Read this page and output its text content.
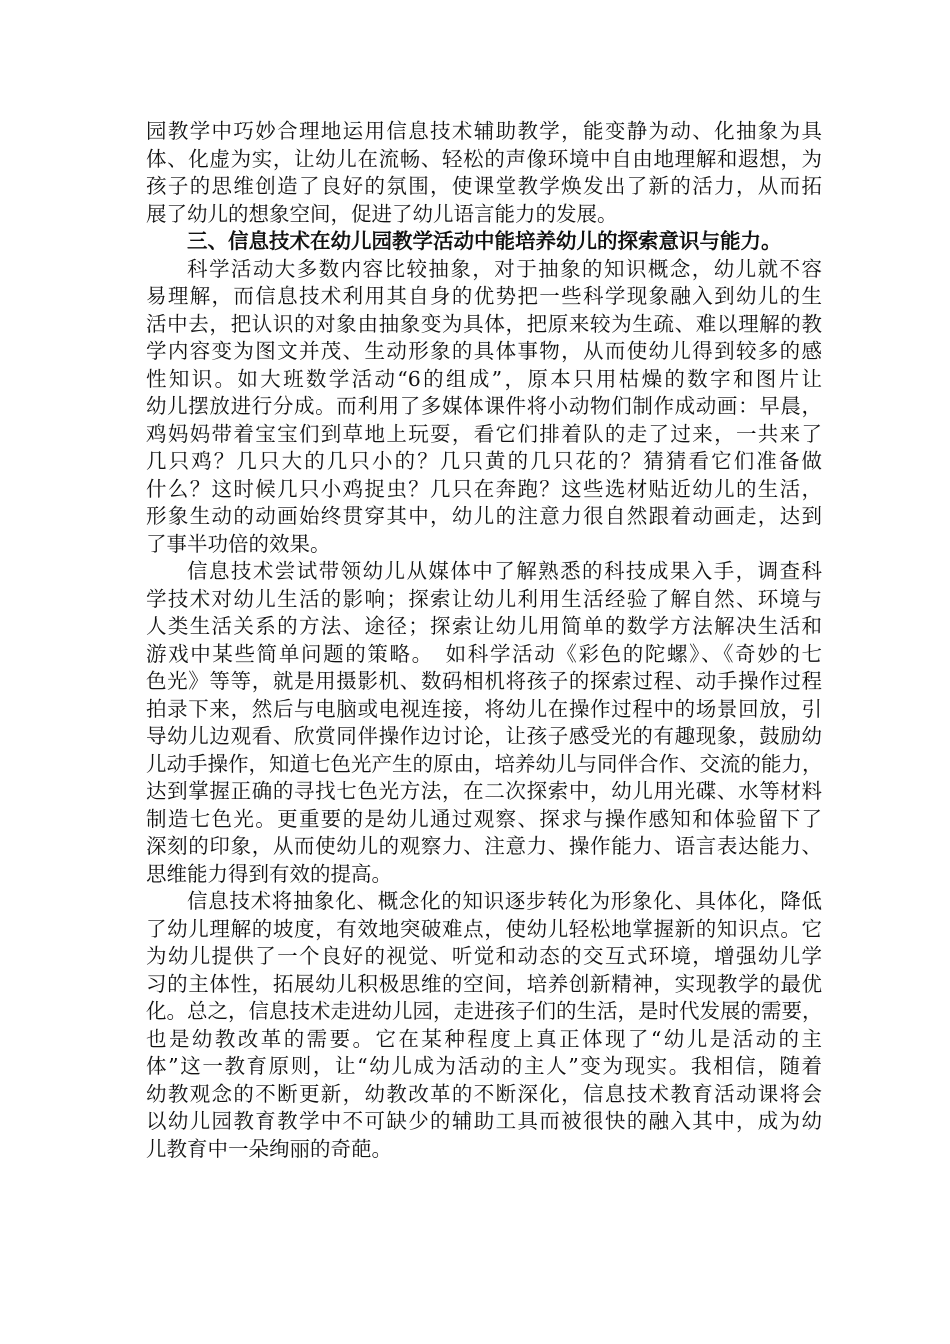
园教学中巧妙合理地运用信息技术辅助教学，能变静为动、化抽象为具
体、化虚为实，让幼儿在流畅、轻松的声像环境中自由地理解和遐想，为
孩子的思维创造了良好的氛围，使课堂教学焕发出了新的活力，从而拓
展了幼儿的想象空间，促进了幼儿语言能力的发展。
三、信息技术在幼儿园教学活动中能培养幼儿的探索意识与能力。
科学活动大多数内容比较抽象，对于抽象的知识概念，幼儿就不容
易理解，而信息技术利用其自身的优势把一些科学现象融入到幼儿的生
活中去，把认识的对象由抽象变为具体，把原来较为生疏、难以理解的教
学内容变为图文并茂、生动形象的具体事物，从而使幼儿得到较多的感
性知识。如大班数学活动“6的组成”，原本只用枯燥的数字和图片让
幼儿摆放进行分成。而利用了多媒体课件将小动物们制作成动画：早晨，
鸡妈妈带着宝宝们到草地上玩耍，看它们排着队的走了过来，一共来了
几只鸡？几只大的几只小的？几只黄的几只花的？猜猜看它们准备做
什么？这时候几只小鸡捉虫？几只在奔跑？这些选材贴近幼儿的生活，
形象生动的动画始终贯穿其中，幼儿的注意力很自然跟着动画走，达到
了事半功倍的效果。
信息技术尝试带领幼儿从媒体中了解熟悉的科技成果入手，调查科
学技术对幼儿生活的影响；探索让幼儿利用生活经验了解自然、环境与
人类生活关系的方法、途径；探索让幼儿用简单的数学方法解决生活和
游戏中某些简单问题的策略。　如科学活动《彩色的陀螺》、《奇妙的七
色光》等等，就是用摄影机、数码相机将孩子的探索过程、动手操作过程
拍录下来，然后与电脑或电视连接，将幼儿在操作过程中的场景回放，引
导幼儿边观看、欣赏同伴操作边讨论，让孩子感受光的有趣现象，鼓励幼
儿动手操作，知道七色光产生的原由，培养幼儿与同伴合作、交流的能力，
达到掌握正确的寻找七色光方法，在二次探索中，幼儿用光碟、水等材料
制造七色光。更重要的是幼儿通过观察、探求与操作感知和体验留下了
深刻的印象，从而使幼儿的观察力、注意力、操作能力、语言表达能力、
思维能力得到有效的提高。
信息技术将抽象化、概念化的知识逐步转化为形象化、具体化，降低
了幼儿理解的坡度，有效地突破难点，使幼儿轻松地掌握新的知识点。它
为幼儿提供了一个良好的视觉、听觉和动态的交互式环境，增强幼儿学
习的主体性，拓展幼儿积极思维的空间，培养创新精神，实现教学的最优
化。总之，信息技术走进幼儿园，走进孩子们的生活，是时代发展的需要，
也是幼教改革的需要。它在某种程度上真正体现了“幼儿是活动的主
体”这一教育原则，让“幼儿成为活动的主人”变为现实。我相信，随着
幼教观念的不断更新，幼教改革的不断深化，信息技术教育活动课将会
以幼儿园教育教学中不可缺少的辅助工具而被很快的融入其中，成为幼
儿教育中一朵绚丽的奇葩。
